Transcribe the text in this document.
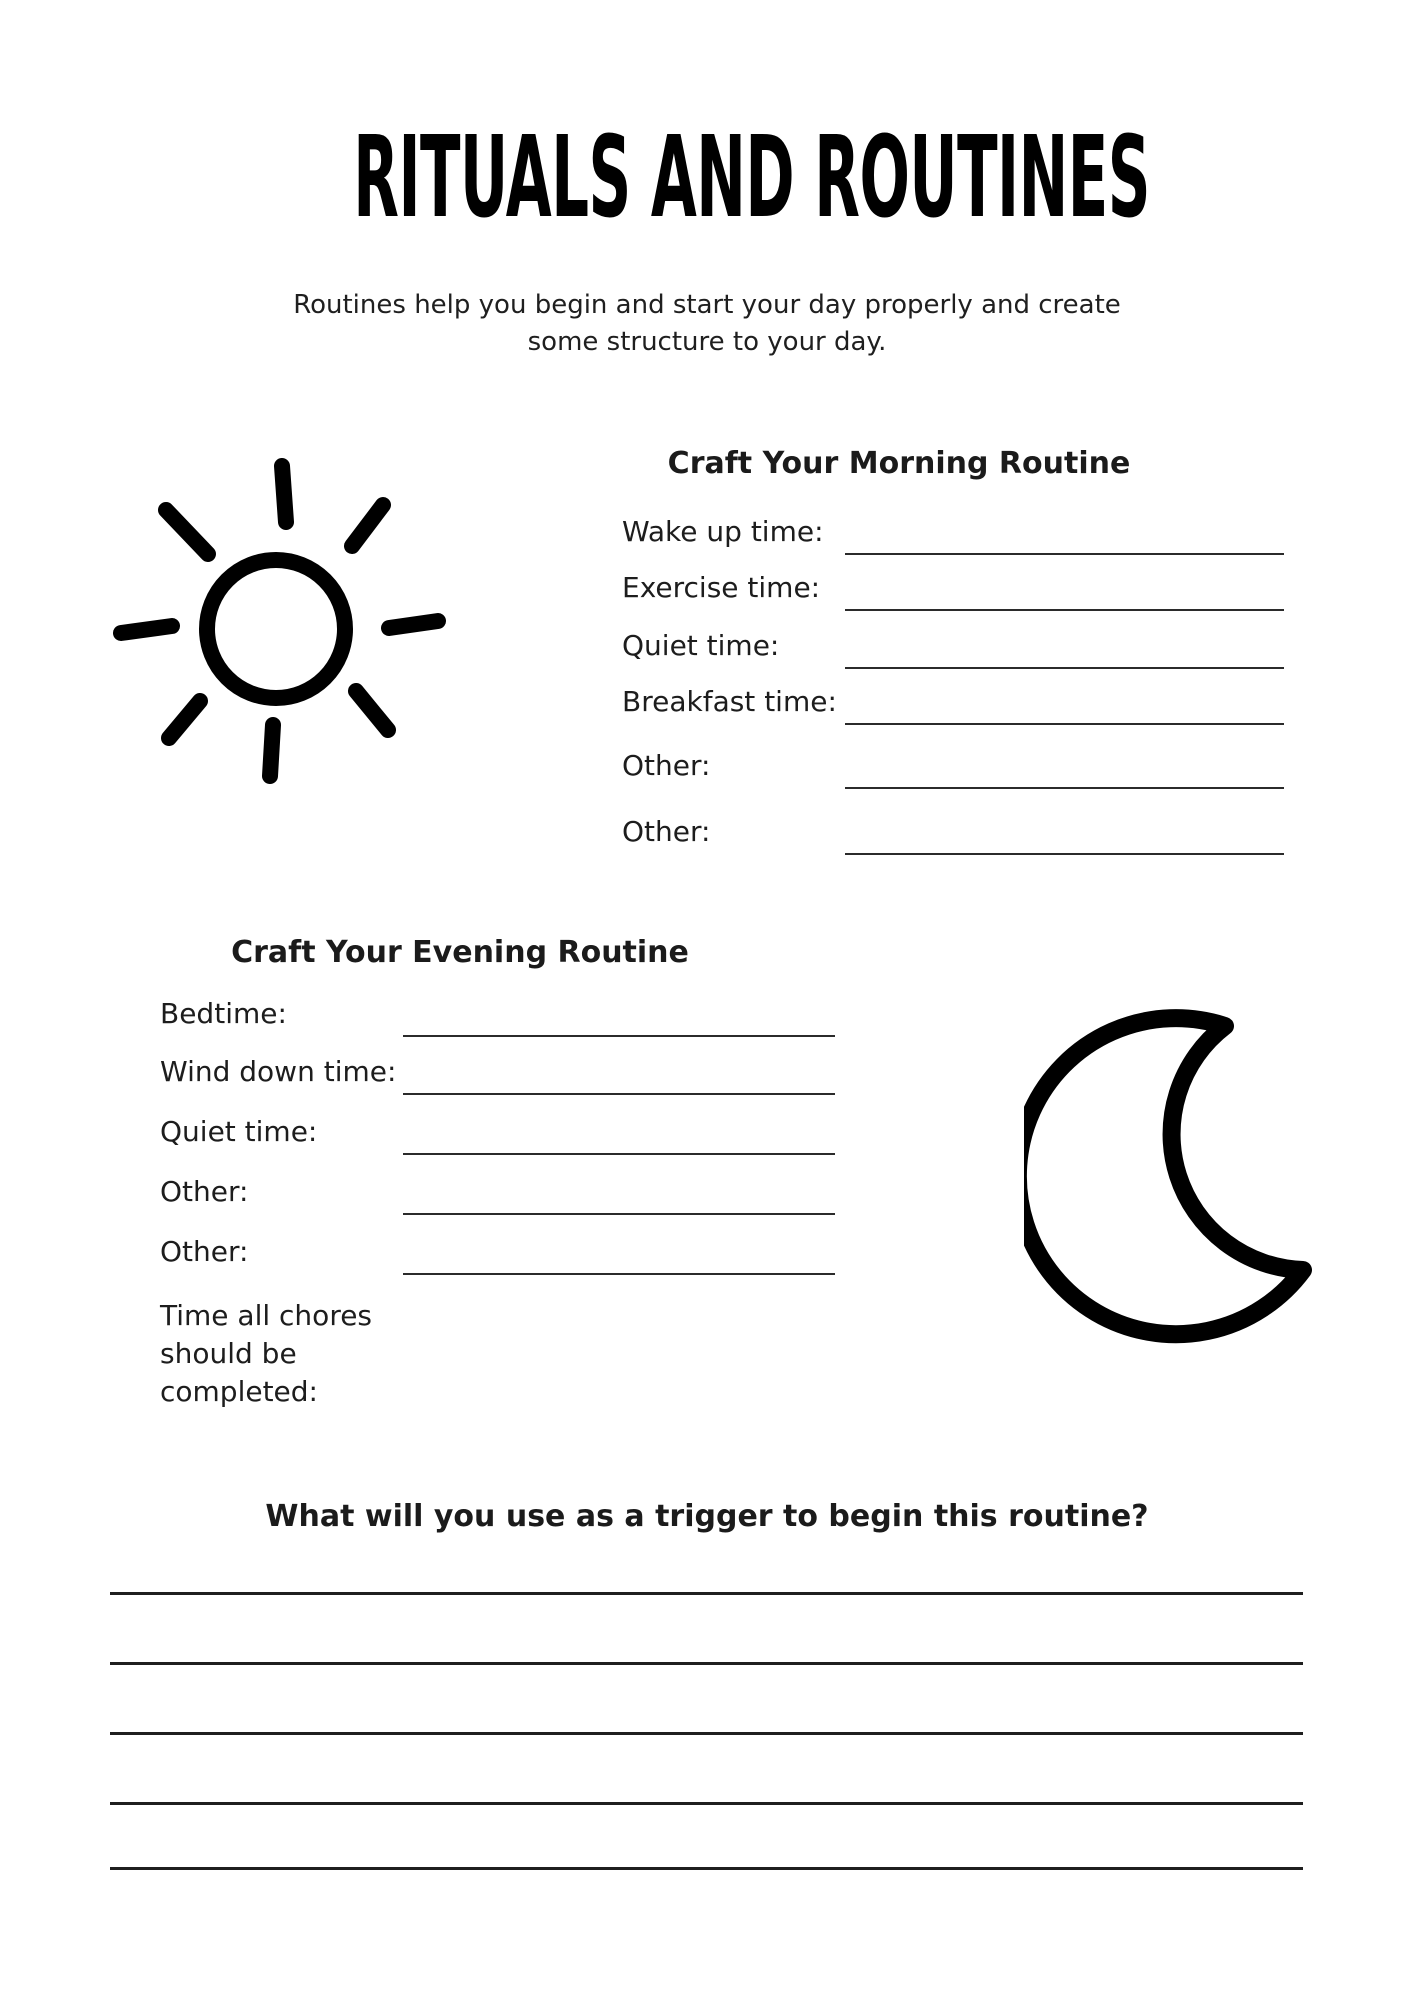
RITUALS AND ROUTINES
Routines help you begin and start your day properly and create
some structure to your day.
Craft Your Morning Routine
Wake up time:
Exercise time:
Quiet time:
Breakfast time:
Other:
Other:
Craft Your Evening Routine
Bedtime:
Wind down time:
Quiet time:
Other:
Other:
Time all chores should be completed:
What will you use as a trigger to begin this routine?
